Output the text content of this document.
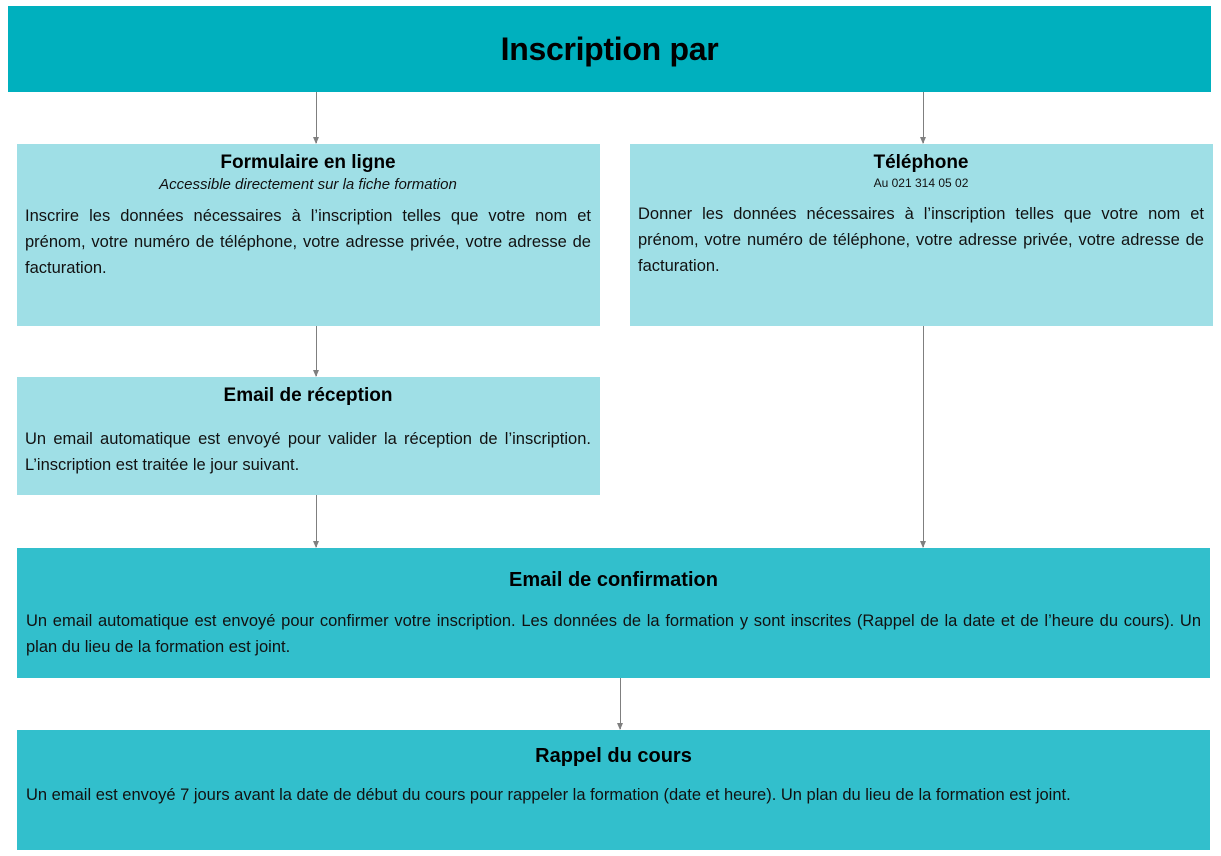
Inscription par
Formulaire en ligne
Accessible directement sur la fiche formation

Inscrire les données nécessaires à l’inscription telles que votre nom et prénom, votre numéro de téléphone, votre adresse privée, votre adresse de facturation.

Téléphone
Au 021 314 05 02

Donner les données nécessaires à l’inscription telles que votre nom et prénom, votre numéro de téléphone, votre adresse privée, votre adresse de facturation.

Email de réception

Un email automatique est envoyé pour valider la réception de l’inscription. L’inscription est traitée le jour suivant.

Email de confirmation

Un email automatique est envoyé pour confirmer votre inscription. Les données de la formation y sont inscrites (Rappel de la date et de l’heure du cours). Un plan du lieu de la formation est joint.

Rappel du cours

Un email est envoyé 7 jours avant la date de début du cours pour rappeler la formation (date et heure). Un plan du lieu de la formation est joint.
